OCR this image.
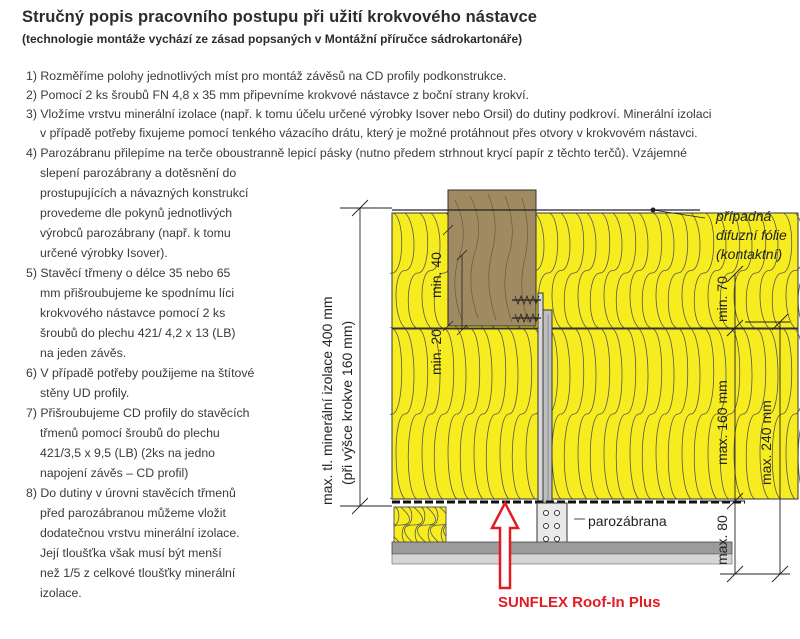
Stručný popis pracovního postupu při užití krokvového nástavce
(technologie montáže vychází ze zásad popsaných v Montážní příručce sádrokartonáře)
1) Rozměříme polohy jednotlivých míst pro montáž závěsů na CD profily podkonstrukce.
2) Pomocí 2 ks šroubů FN 4,8 x 35 mm připevníme krokvové nástavce z boční strany krokví.
3) Vložíme vrstvu minerální izolace (např. k tomu účelu určené výrobky Isover nebo Orsil) do dutiny podkroví. Minerální izolaci
v případě potřeby fixujeme pomocí tenkého vázacího drátu, který je možné protáhnout přes otvory v krokvovém nástavci.
4) Parozábranu přilepíme na terče oboustranně lepicí pásky (nutno předem strhnout krycí papír z těchto terčů). Vzájemné
slepení parozábrany a dotěsnění do
prostupujících a návazných konstrukcí
provedeme dle pokynů jednotlivých
výrobců parozábrany (např. k tomu
určené výrobky Isover).
5) Stavěcí třmeny o délce 35 nebo 65
mm přišroubujeme ke spodnímu líci
krokvového nástavce pomocí 2 ks
šroubů do plechu 421/ 4,2 x 13 (LB)
na jeden závěs.
6) V případě potřeby použijeme na štítové
stěny UD profily.
7) Přišroubujeme CD profily do stavěcích
třmenů pomocí šroubů do plechu
421/3,5 x 9,5 (LB) (2ks na jedno
napojení závěs – CD profil)
8) Do dutiny v úrovni stavěcích třmenů
před parozábranou můžeme vložit
dodatečnou vrstvu minerální izolace.
Její tloušťka však musí být menší
než 1/5 z celkové tloušťky minerální
izolace.
parozábrana
případná
difuzní fólie
(kontaktní)
max. tl. minerální izolace 400 mm (při výšce krokve 160 mm)
min. 40
min. 20
min. 70
max. 160 mm
max. 80
max. 240 mm
SUNFLEX Roof-In Plus
